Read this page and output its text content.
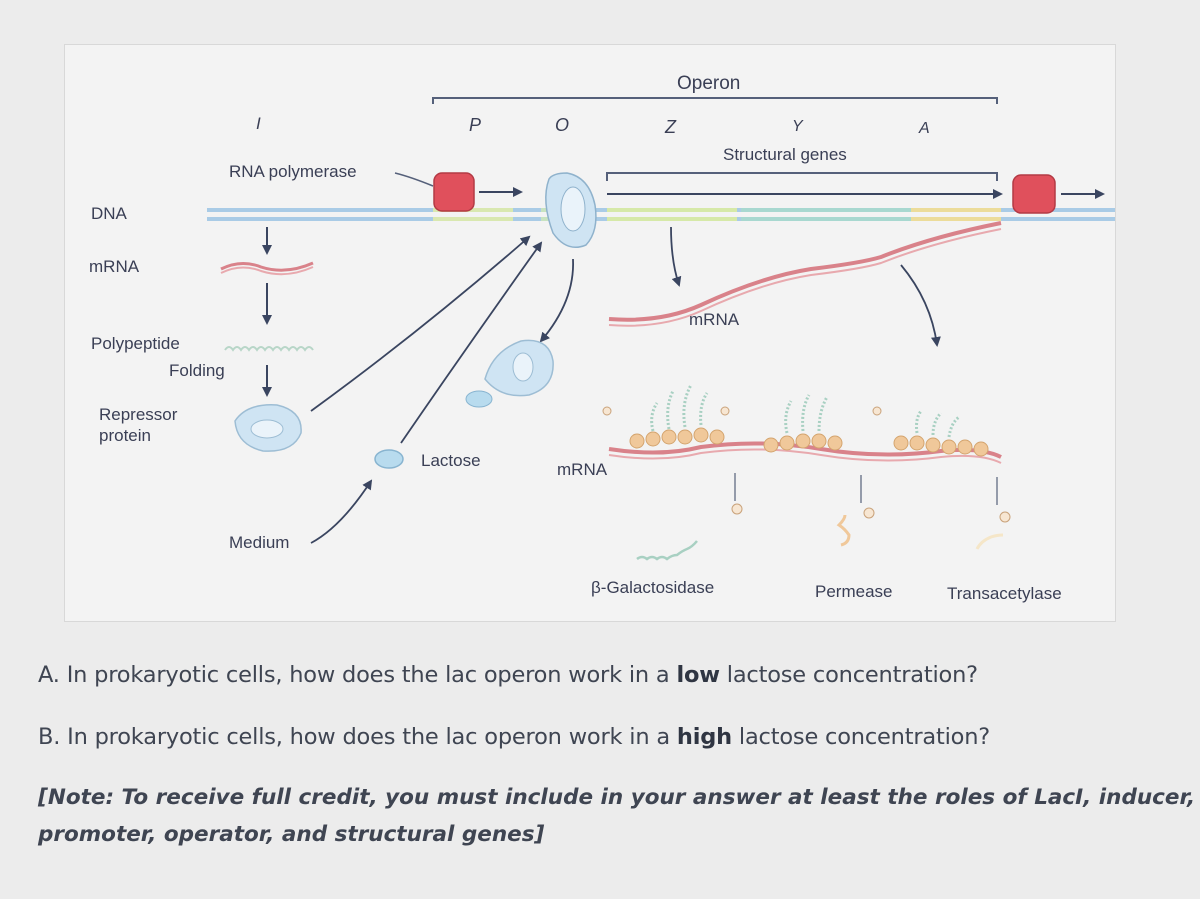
Operon
I	P	O	Z	Y	A
Structural genes
RNA polymerase
DNA
mRNA
Polypeptide
Folding
Repressor
protein
Lactose
Medium
mRNA
mRNA
β-Galactosidase	Permease	Transacetylase
A. In prokaryotic cells, how does the lac operon work in a low lactose concentration?
B. In prokaryotic cells, how does the lac operon work in a high lactose concentration?
[Note: To receive full credit, you must include in your answer at least the roles of LacI, inducer,
promoter, operator, and structural genes]
